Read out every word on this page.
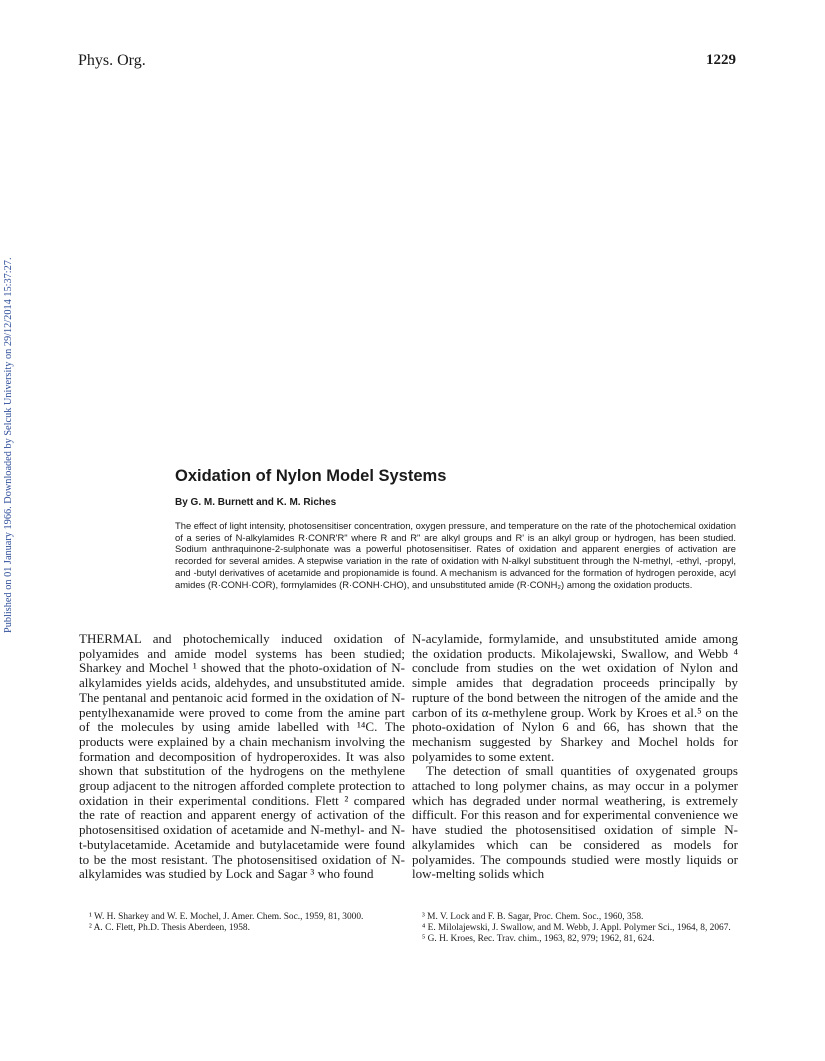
Phys. Org.	1229
Published on 01 January 1966. Downloaded by Selcuk University on 29/12/2014 15:37:27.	Oxidation of Nylon Model Systems
By G. M. Burnett and K. M. Riches
The effect of light intensity, photosensitiser concentration, oxygen pressure, and temperature on the rate of the photochemical oxidation of a series of N-alkylamides R·CONR'R" where R and R" are alkyl groups and R' is an alkyl group or hydrogen, has been studied. Sodium anthraquinone-2-sulphonate was a powerful photosensitiser. Rates of oxidation and apparent energies of activation are recorded for several amides. A stepwise variation in the rate of oxidation with N-alkyl substituent through the N-methyl, -ethyl, -propyl, and -butyl derivatives of acetamide and propionamide is found. A mechanism is advanced for the formation of hydrogen peroxide, acyl amides (R·CONH·COR), formylamides (R·CONH·CHO), and unsubstituted amide (R·CONH₂) among the oxidation products.

THERMAL and photochemically induced oxidation of polyamides and amide model systems has been studied; Sharkey and Mochel ¹ showed that the photo-oxidation of N-alkylamides yields acids, aldehydes, and unsubstituted amide. The pentanal and pentanoic acid formed in the oxidation of N-pentylhexanamide were proved to come from the amine part of the molecules by using amide labelled with ¹⁴C. The products were explained by a chain mechanism involving the formation and decomposition of hydroperoxides. It was also shown that substitution of the hydrogens on the methylene group adjacent to the nitrogen afforded complete protection to oxidation in their experimental conditions. Flett ² compared the rate of reaction and apparent energy of activation of the photosensitised oxidation of acetamide and N-methyl- and N-t-butylacetamide. Acetamide and butylacetamide were found to be the most resistant. The photosensitised oxidation of N-alkylamides was studied by Lock and Sagar ³ who found

N-acylamide, formylamide, and unsubstituted amide among the oxidation products. Mikolajewski, Swallow, and Webb ⁴ conclude from studies on the wet oxidation of Nylon and simple amides that degradation proceeds principally by rupture of the bond between the nitrogen of the amide and the carbon of its α-methylene group. Work by Kroes et al.⁵ on the photo-oxidation of Nylon 6 and 66, has shown that the mechanism suggested by Sharkey and Mochel holds for polyamides to some extent.

The detection of small quantities of oxygenated groups attached to long polymer chains, as may occur in a polymer which has degraded under normal weathering, is extremely difficult. For this reason and for experimental convenience we have studied the photosensitised oxidation of simple N-alkylamides which can be considered as models for polyamides. The compounds studied were mostly liquids or low-melting solids which

¹ W. H. Sharkey and W. E. Mochel, J. Amer. Chem. Soc., 1959, 81, 3000.

² A. C. Flett, Ph.D. Thesis Aberdeen, 1958.

³ M. V. Lock and F. B. Sagar, Proc. Chem. Soc., 1960, 358.

⁴ E. Milolajewski, J. Swallow, and M. Webb, J. Appl. Polymer Sci., 1964, 8, 2067.

⁵ G. H. Kroes, Rec. Trav. chim., 1963, 82, 979; 1962, 81, 624.
